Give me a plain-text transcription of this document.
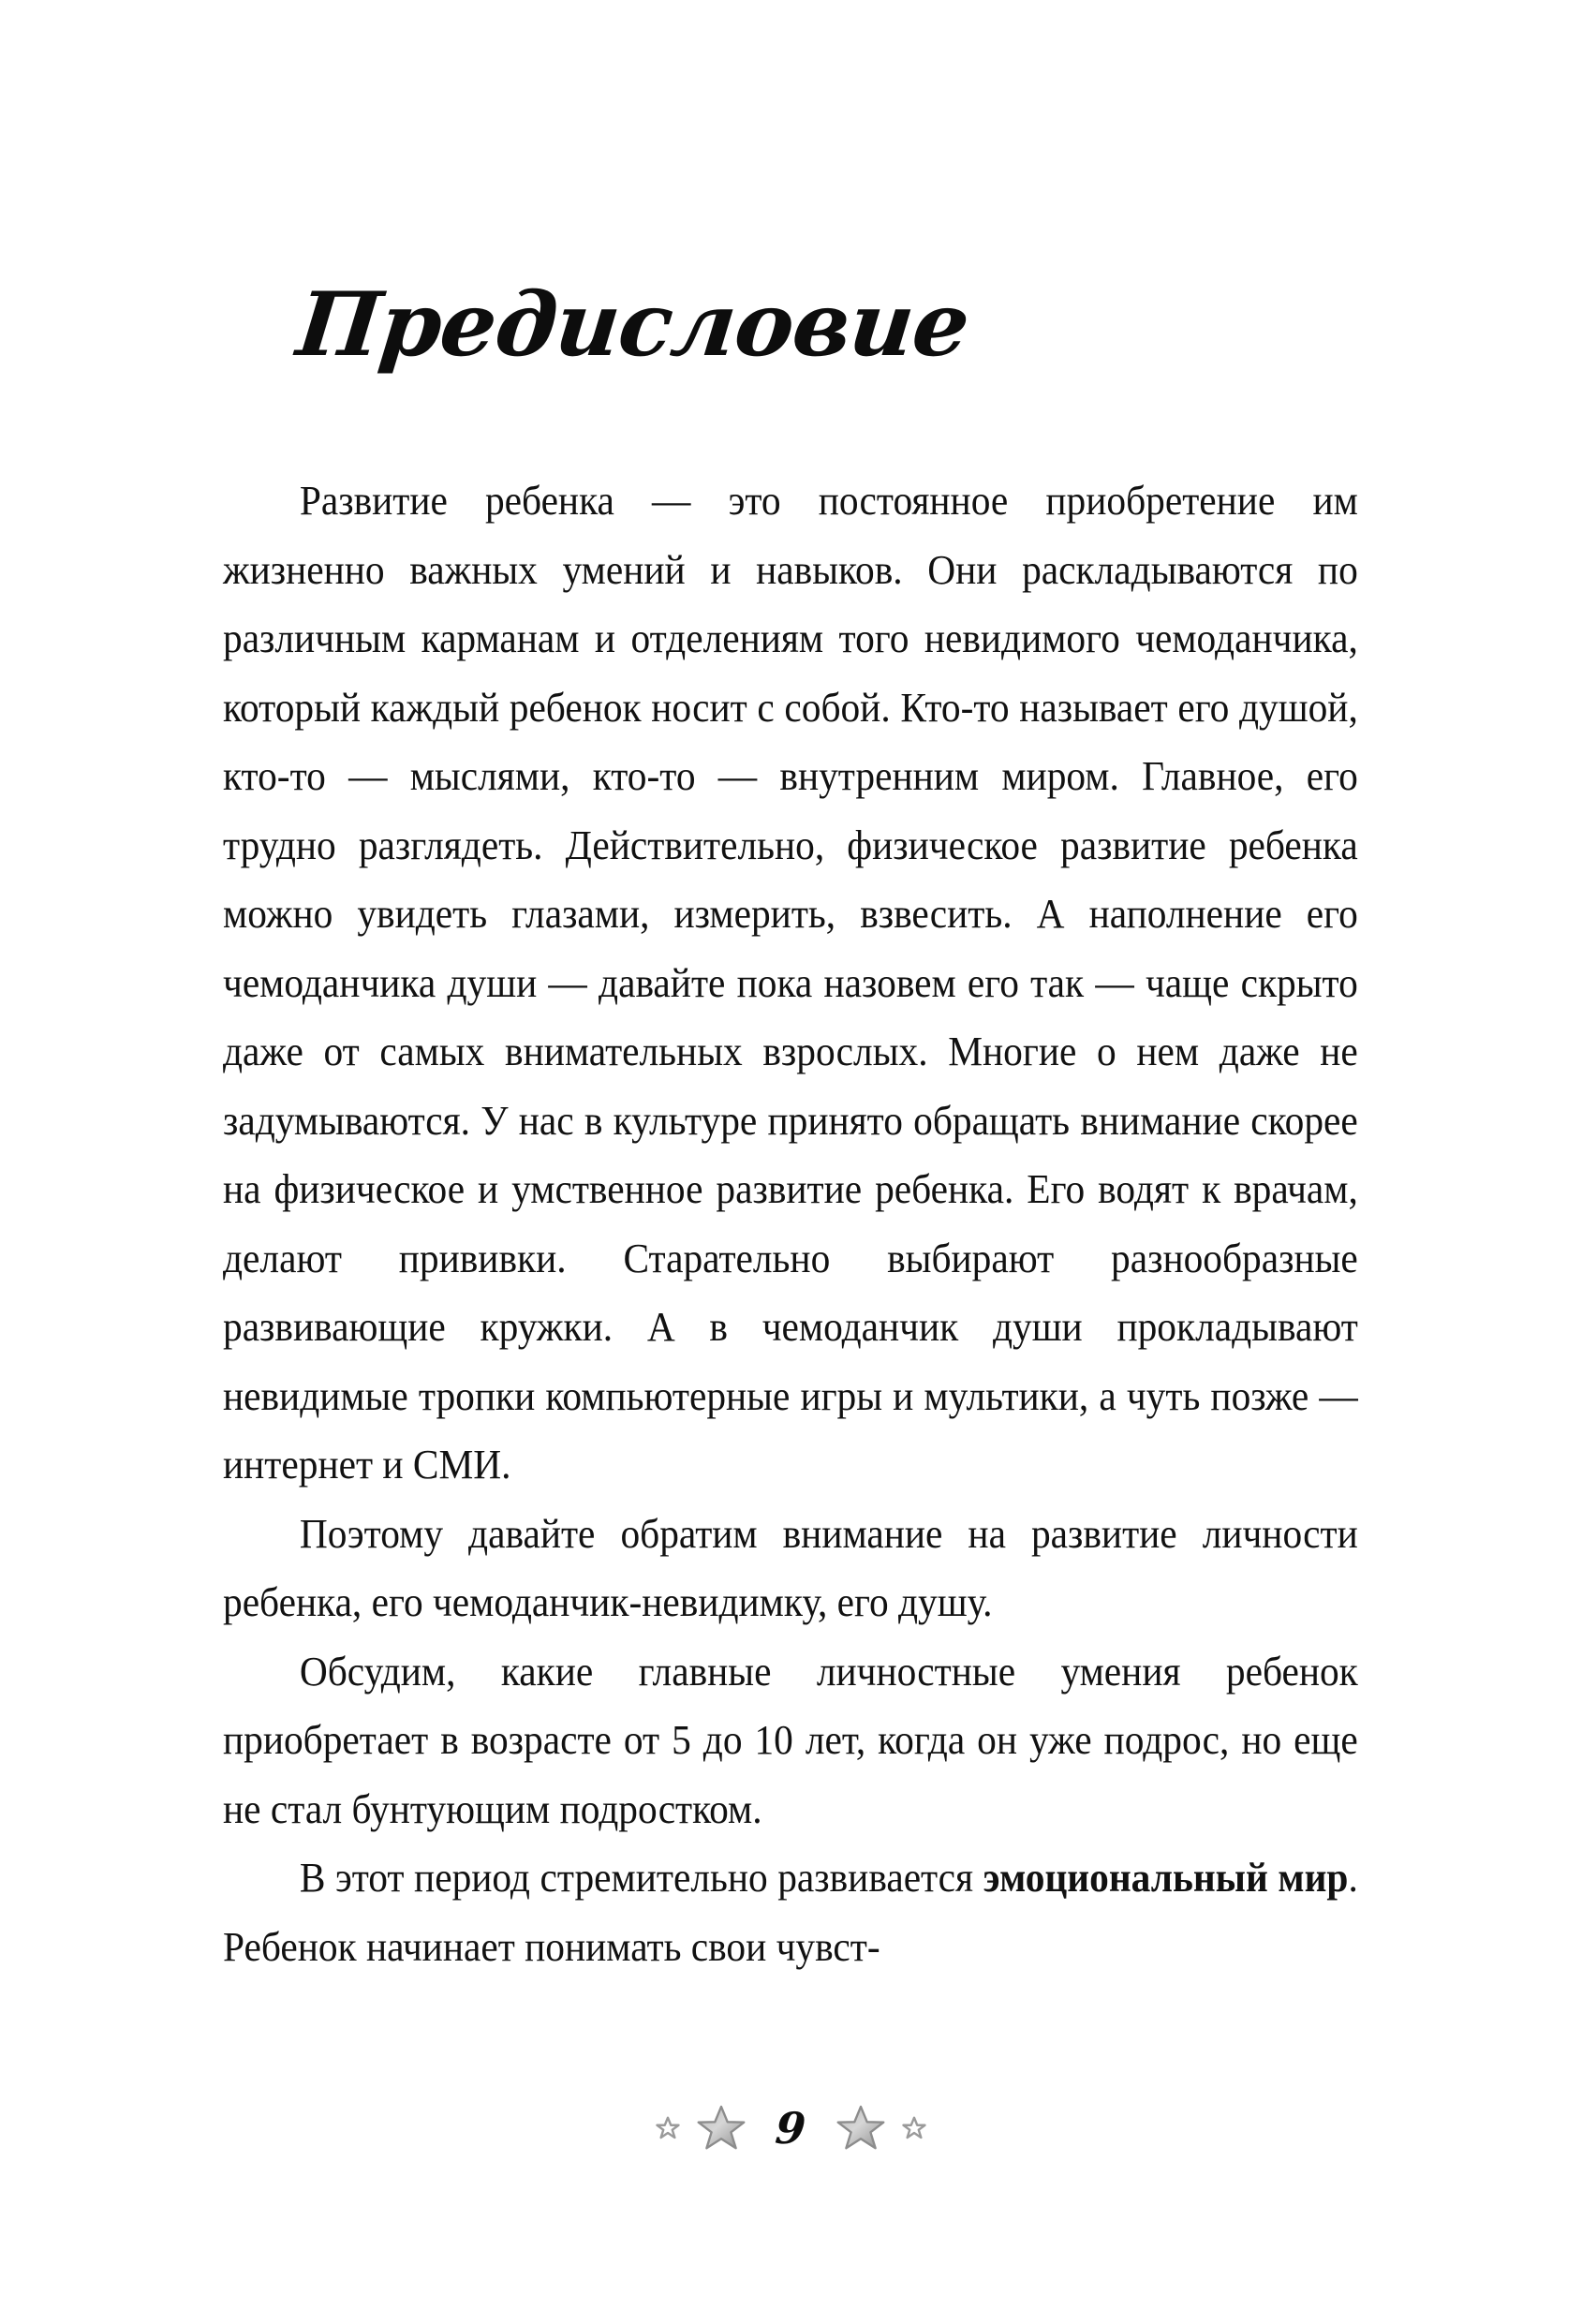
Предисловие

Развитие ребенка — это постоянное приобретение им жизненно важных умений и навыков. Они раскладываются по различным карманам и отделениям того невидимого чемоданчика, который каждый ребенок носит с собой. Кто-то называет его душой, кто-то — мыслями, кто-то — внутренним миром. Главное, его трудно разглядеть. Действительно, физическое развитие ребенка можно увидеть глазами, измерить, взвесить. А наполнение его чемоданчика души — давайте пока назовем его так — чаще скрыто даже от самых внимательных взрослых. Многие о нем даже не задумываются. У нас в культуре принято обращать внимание скорее на физическое и умственное развитие ребенка. Его водят к врачам, делают прививки. Старательно выбирают разнообразные развивающие кружки. А в чемоданчик души прокладывают невидимые тропки компьютерные игры и мультики, а чуть позже — интернет и СМИ.

Поэтому давайте обратим внимание на развитие личности ребенка, его чемоданчик-невидимку, его душу.

Обсудим, какие главные личностные умения ребенок приобретает в возрасте от 5 до 10 лет, когда он уже подрос, но еще не стал бунтующим подростком.

В этот период стремительно развивается эмоциональный мир. Ребенок начинает понимать свои чувст-

9
